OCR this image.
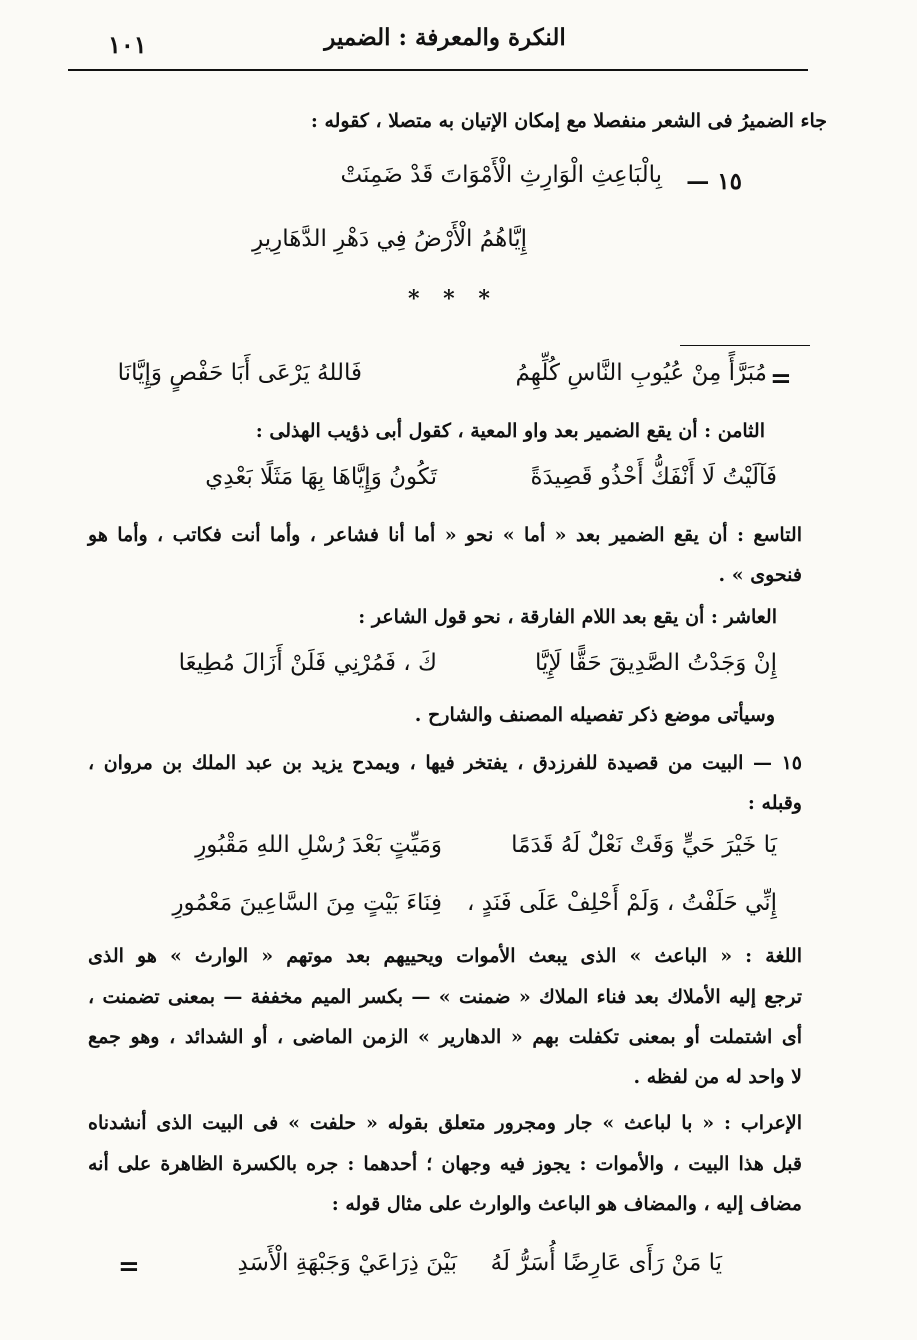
النكرة والمعرفة : الضمير
١٠١
جاء الضميرُ فى الشعر منفصلا مع إمكان الإتيان به متصلا ، كقوله :
١٥ —
بِالْبَاعِثِ الْوَارِثِ الْأَمْوَاتَ قَدْ ضَمِنَتْ
إِيَّاهُمُ الْأَرْضُ فِي دَهْرِ الدَّهَارِيرِ
* * *
=
مُبَرَّأً مِنْ عُيُوبِ النَّاسِ كُلِّهِمُ
فَاللهُ يَرْعَى أَبَا حَفْصٍ وَإِيَّانَا
الثامن : أن يقع الضمير بعد واو المعية ، كقول أبى ذؤيب الهذلى :
فَآلَيْتُ لَا أَنْفَكُّ أَحْذُو قَصِيدَةً
تَكُونُ وَإِيَّاهَا بِهَا مَثَلًا بَعْدِي
التاسع : أن يقع الضمير بعد « أما » نحو « أما أنا فشاعر ، وأما أنت فكاتب ، وأما هو
فنحوى » .
العاشر : أن يقع بعد اللام الفارقة ، نحو قول الشاعر :
إِنْ وَجَدْتُ الصَّدِيقَ حَقًّا لَإِيَّا
كَ ، فَمُرْنِي فَلَنْ أَزَالَ مُطِيعَا
وسيأتى موضع ذكر تفصيله المصنف والشارح .
١٥ — البيت من قصيدة للفرزدق ، يفتخر فيها ، ويمدح يزيد بن عبد الملك بن مروان ،
وقبله :
يَا خَيْرَ حَيٍّ وَقَتْ نَعْلٌ لَهُ قَدَمًا
وَمَيِّتٍ بَعْدَ رُسْلِ اللهِ مَقْبُورِ
إِنِّي حَلَفْتُ ، وَلَمْ أَحْلِفْ عَلَى فَنَدٍ ،
فِنَاءَ بَيْتٍ مِنَ السَّاعِينَ مَعْمُورِ
اللغة : « الباعث » الذى يبعث الأموات ويحييهم بعد موتهم « الوارث » هو الذى
ترجع إليه الأملاك بعد فناء الملاك « ضمنت » — بكسر الميم مخففة — بمعنى تضمنت ،
أى اشتملت أو بمعنى تكفلت بهم « الدهارير » الزمن الماضى ، أو الشدائد ، وهو جمع
لا واحد له من لفظه .
الإعراب : « با لباعث » جار ومجرور متعلق بقوله « حلفت » فى البيت الذى أنشدناه
قبل هذا البيت ، والأموات : يجوز فيه وجهان ؛ أحدهما : جره بالكسرة الظاهرة على أنه
مضاف إليه ، والمضاف هو الباعث والوارث على مثال قوله :
يَا مَنْ رَأَى عَارِضًا أُسَرُّ لَهُ
بَيْنَ ذِرَاعَيْ وَجَبْهَةِ الْأَسَدِ
=
